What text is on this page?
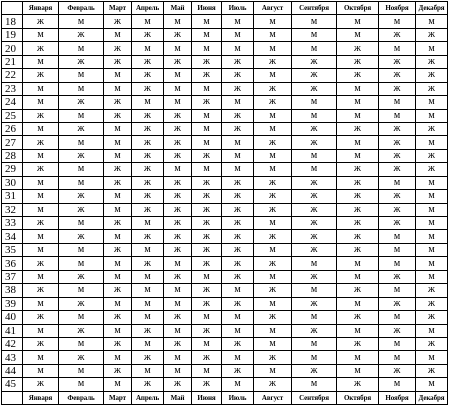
	Января	Февраль	Март	Апрель	Май	Июня	Июль	Август	Сентября	Октября	Ноября	Декабря
18	ж	м	ж	м	м	м	м	м	м	м	м	м
19	м	ж	м	ж	ж	м	м	м	м	м	ж	ж
20	ж	м	ж	м	м	м	м	м	м	ж	м	м
21	м	ж	ж	ж	ж	ж	ж	ж	ж	ж	ж	ж
22	ж	м	м	ж	м	ж	ж	м	ж	ж	ж	ж
23	м	м	м	ж	м	м	ж	ж	ж	м	ж	ж
24	м	ж	ж	м	м	ж	м	ж	м	м	м	м
25	ж	м	ж	ж	ж	м	ж	м	м	м	м	м
26	м	ж	м	ж	ж	м	ж	м	ж	ж	ж	ж
27	ж	м	м	ж	ж	м	м	ж	ж	м	ж	м
28	м	ж	м	ж	ж	ж	м	м	м	м	ж	ж
29	ж	м	ж	ж	м	м	м	м	м	ж	ж	ж
30	м	м	ж	ж	ж	ж	ж	ж	ж	ж	м	м
31	м	ж	м	ж	ж	ж	ж	ж	ж	ж	ж	м
32	м	ж	м	ж	ж	ж	ж	ж	ж	ж	ж	м
33	ж	м	ж	м	ж	ж	ж	м	ж	ж	ж	м
34	м	ж	м	ж	ж	ж	ж	ж	ж	ж	м	м
35	м	м	ж	м	ж	ж	ж	м	ж	ж	м	м
36	ж	м	м	ж	м	ж	ж	ж	м	м	м	м
37	м	ж	м	м	ж	м	ж	м	ж	м	ж	м
38	ж	м	ж	м	м	ж	м	ж	м	ж	м	ж
39	м	ж	м	м	м	ж	ж	м	ж	м	ж	ж
40	ж	м	ж	м	ж	м	м	ж	м	ж	м	ж
41	м	ж	м	ж	м	ж	м	м	ж	м	ж	м
42	ж	м	ж	м	ж	м	ж	м	м	ж	м	ж
43	м	ж	м	ж	м	ж	м	ж	м	м	м	м
44	м	м	ж	м	м	м	ж	м	ж	м	ж	ж
45	ж	м	м	ж	ж	ж	м	ж	м	ж	м	м
	Января	Февраль	Март	Апрель	Май	Июня	Июль	Август	Сентября	Октября	Ноября	Декабря
